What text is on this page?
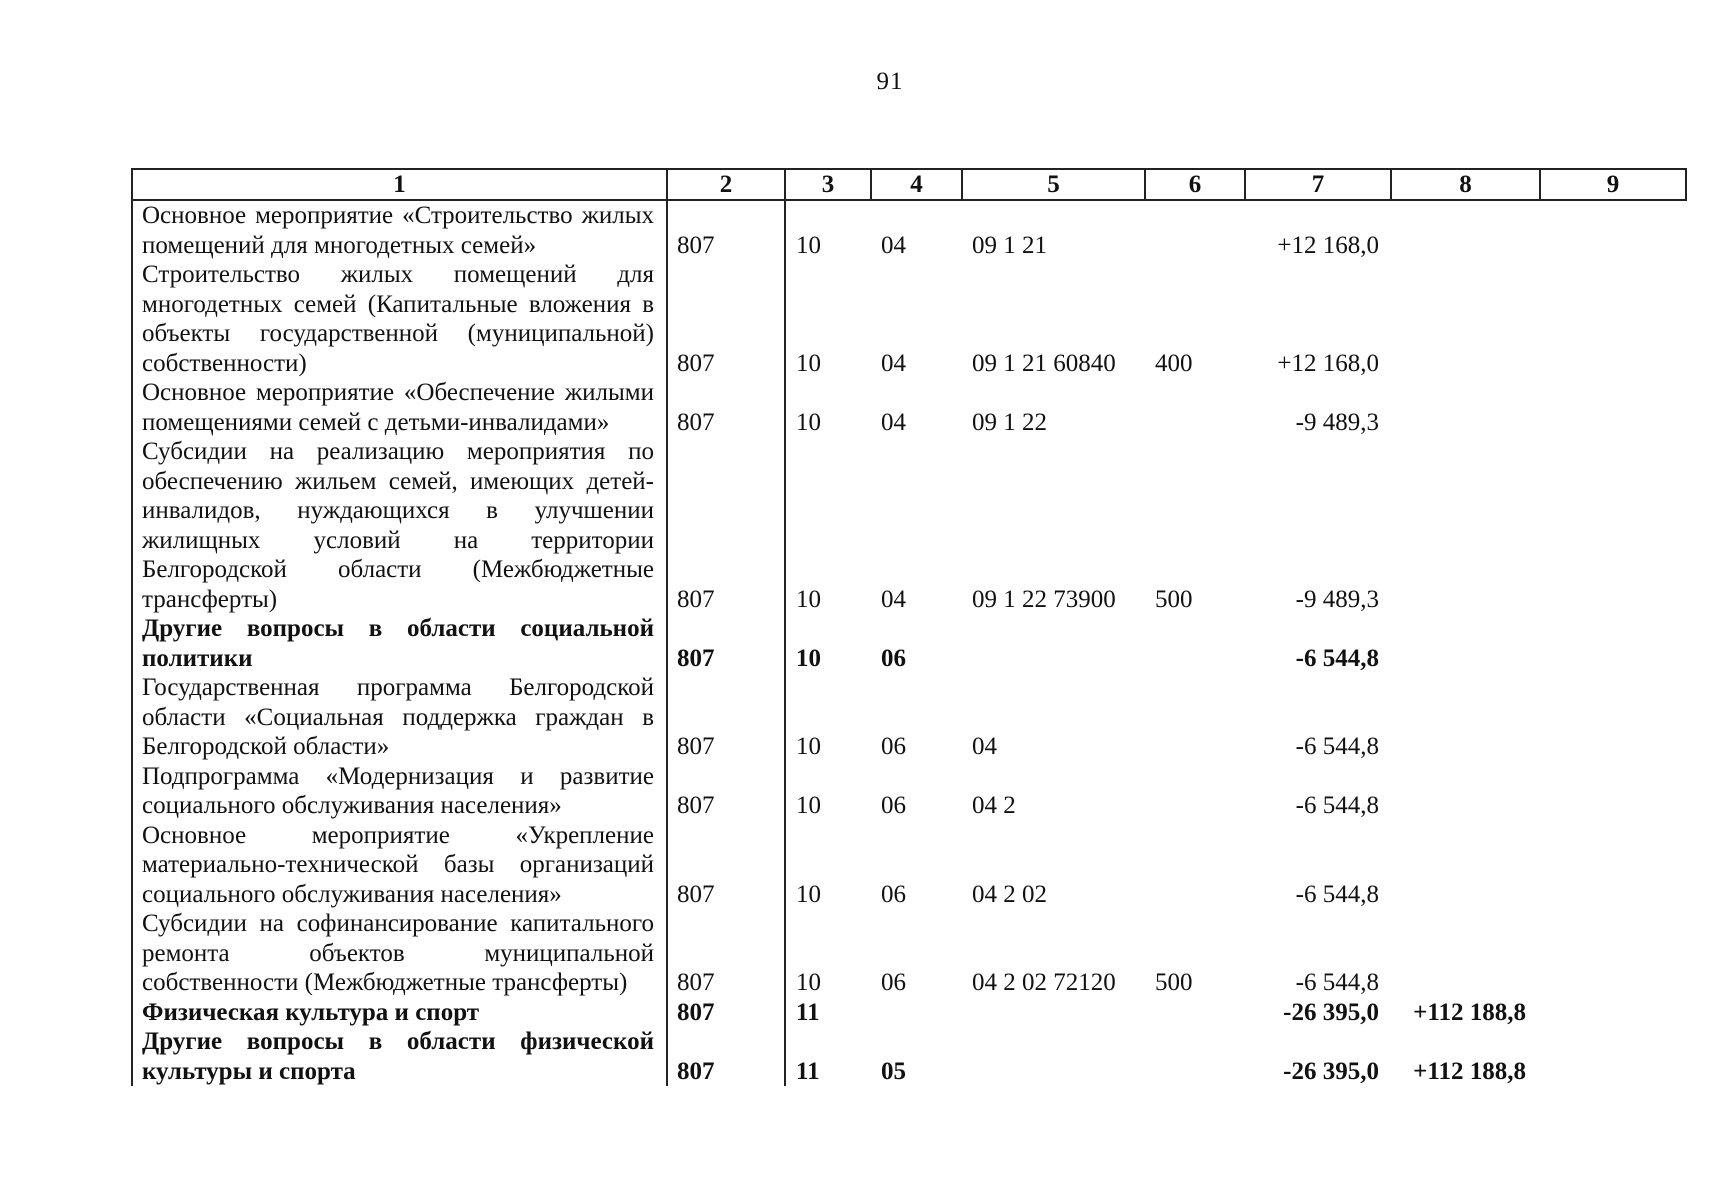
91
1	2	3	4	5	6	7	8	9
Основное мероприятие «Строительство жилых помещений для многодетных семей»	807	10	04	09 1 21		+12 168,0		
Строительство жилых помещений для многодетных семей (Капитальные вложения в объекты государственной (муниципальной) собственности)	807	10	04	09 1 21 60840	400	+12 168,0		
Основное мероприятие «Обеспечение жилыми помещениями семей с детьми-инвалидами»	807	10	04	09 1 22		-9 489,3		
Субсидии на реализацию мероприятия по обеспечению жильем семей, имеющих детей-инвалидов, нуждающихся в улучшении жилищных условий на территории Белгородской области (Межбюджетные трансферты)	807	10	04	09 1 22 73900	500	-9 489,3		
Другие вопросы в области социальной политики	807	10	06			-6 544,8		
Государственная программа Белгородской области «Социальная поддержка граждан в Белгородской области»	807	10	06	04		-6 544,8		
Подпрограмма «Модернизация и развитие социального обслуживания населения»	807	10	06	04 2		-6 544,8		
Основное мероприятие «Укрепление материально-технической базы организаций социального обслуживания населения»	807	10	06	04 2 02		-6 544,8		
Субсидии на софинансирование капитального ремонта объектов муниципальной собственности (Межбюджетные трансферты)	807	10	06	04 2 02 72120	500	-6 544,8		
Физическая культура и спорт	807	11				-26 395,0	+112 188,8	
Другие вопросы в области физической культуры и спорта	807	11	05			-26 395,0	+112 188,8	
